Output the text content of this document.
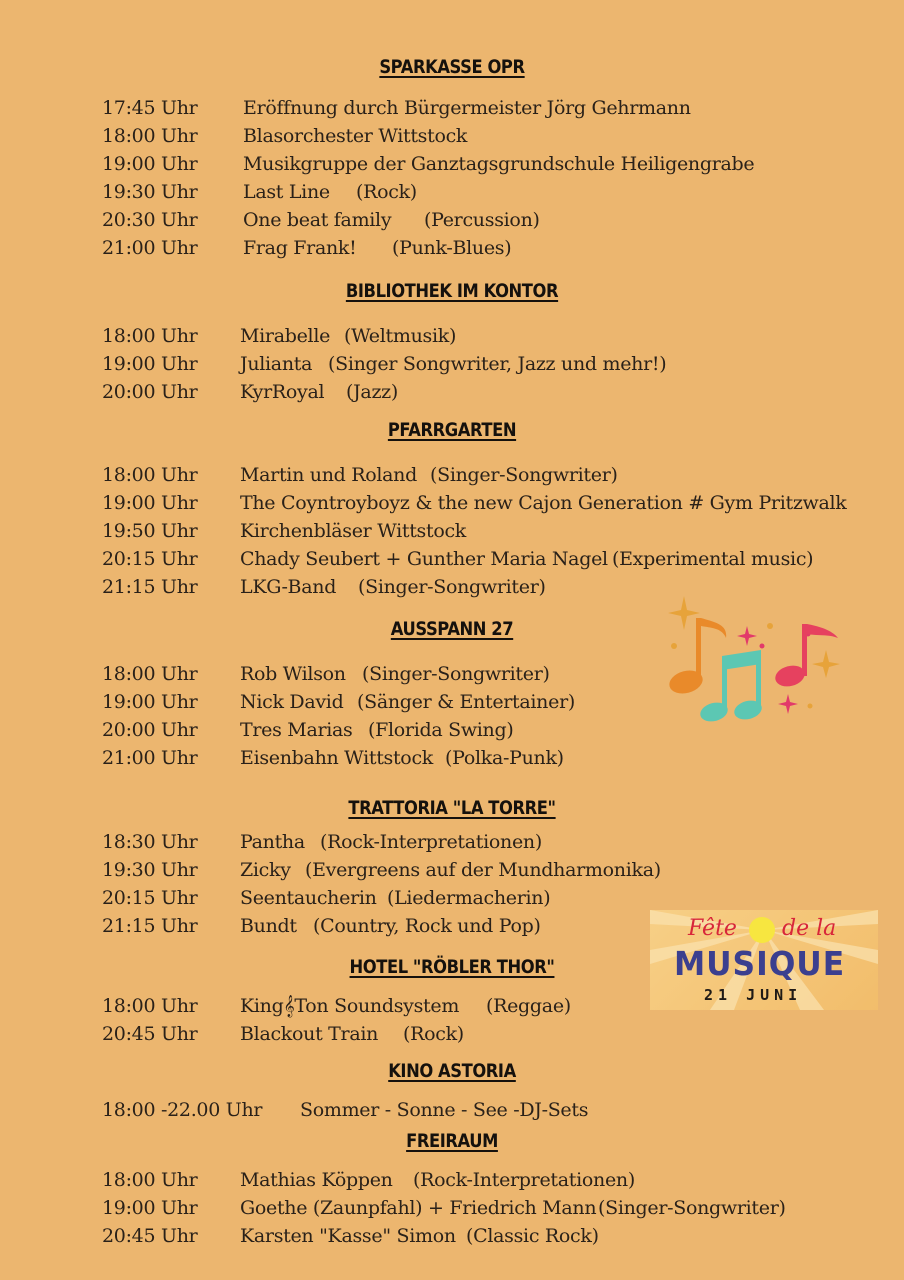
SPARKASSE OPR
17:45 Uhr Eröffnung durch Bürgermeister Jörg Gehrmann
18:00 Uhr Blasorchester Wittstock
19:00 Uhr Musikgruppe der Ganztagsgrundschule Heiligengrabe
19:30 Uhr Last Line (Rock)
20:30 Uhr One beat family (Percussion)
21:00 Uhr Frag Frank! (Punk-Blues)
BIBLIOTHEK IM KONTOR
18:00 Uhr Mirabelle (Weltmusik)
19:00 Uhr Julianta (Singer Songwriter, Jazz und mehr!)
20:00 Uhr KyrRoyal (Jazz)
PFARRGARTEN
18:00 Uhr Martin und Roland (Singer-Songwriter)
19:00 Uhr The Coyntroyboyz & the new Cajon Generation # Gym Pritzwalk
19:50 Uhr Kirchenbläser Wittstock
20:15 Uhr Chady Seubert + Gunther Maria Nagel (Experimental music)
21:15 Uhr LKG-Band (Singer-Songwriter)
AUSSPANN 27
18:00 Uhr Rob Wilson (Singer-Songwriter)
19:00 Uhr Nick David (Sänger & Entertainer)
20:00 Uhr Tres Marias (Florida Swing)
21:00 Uhr Eisenbahn Wittstock (Polka-Punk)
TRATTORIA "LA TORRE"
18:30 Uhr Pantha (Rock-Interpretationen)
19:30 Uhr Zicky (Evergreens auf der Mundharmonika)
20:15 Uhr Seentaucherin (Liedermacherin)
21:15 Uhr Bundt (Country, Rock und Pop)
HOTEL "RÖBLER THOR"
18:00 Uhr King𝄞Ton Soundsystem (Reggae)
20:45 Uhr Blackout Train (Rock)
KINO ASTORIA
18:00 -22.00 Uhr Sommer - Sonne - See -DJ-Sets
FREIRAUM
18:00 Uhr Mathias Köppen (Rock-Interpretationen)
19:00 Uhr Goethe (Zaunpfahl) + Friedrich Mann (Singer-Songwriter)
20:45 Uhr Karsten "Kasse" Simon (Classic Rock)
Fête de la
MUSIQUE
21 JUNI
